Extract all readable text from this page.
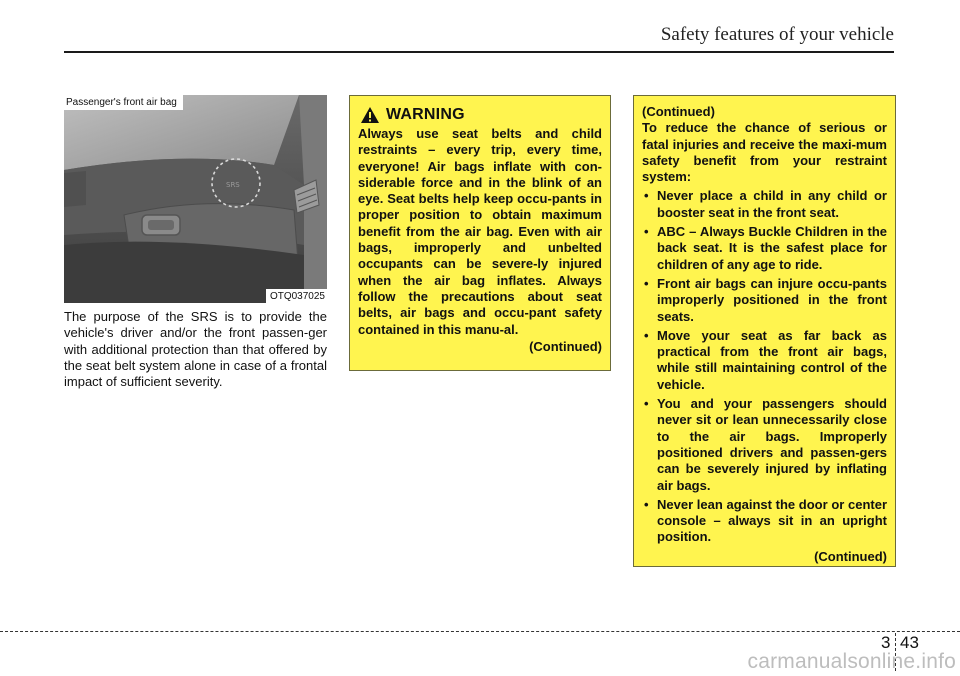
Safety features of your vehicle
SRS
Passenger's front air bag
OTQ037025

The purpose of the SRS is to provide the vehicle's driver and/or the front passen-ger with additional protection than that offered by the seat belt system alone in case of a frontal impact of sufficient severity.

WARNING

Always use seat belts and child restraints – every trip, every time, everyone! Air bags inflate with con-siderable force and in the blink of an eye. Seat belts help keep occu-pants in proper position to obtain maximum benefit from the air bag. Even with air bags, improperly and unbelted occupants can be severe-ly injured when the air bag inflates. Always follow the precautions about seat belts, air bags and occu-pant safety contained in this manu-al.

(Continued)

(Continued)

To reduce the chance of serious or fatal injuries and receive the maxi-mum safety benefit from your restraint system:

• Never place a child in any child or booster seat in the front seat.
• ABC – Always Buckle Children in the back seat. It is the safest place for children of any age to ride.
• Front air bags can injure occu-pants improperly positioned in the front seats.
• Move your seat as far back as practical from the front air bags, while still maintaining control of the vehicle.
• You and your passengers should never sit or lean unnecessarily close to the air bags. Improperly positioned drivers and passen-gers can be severely injured by inflating air bags.
• Never lean against the door or center console – always sit in an upright position.

(Continued)

3 43
carmanualsonline.info
